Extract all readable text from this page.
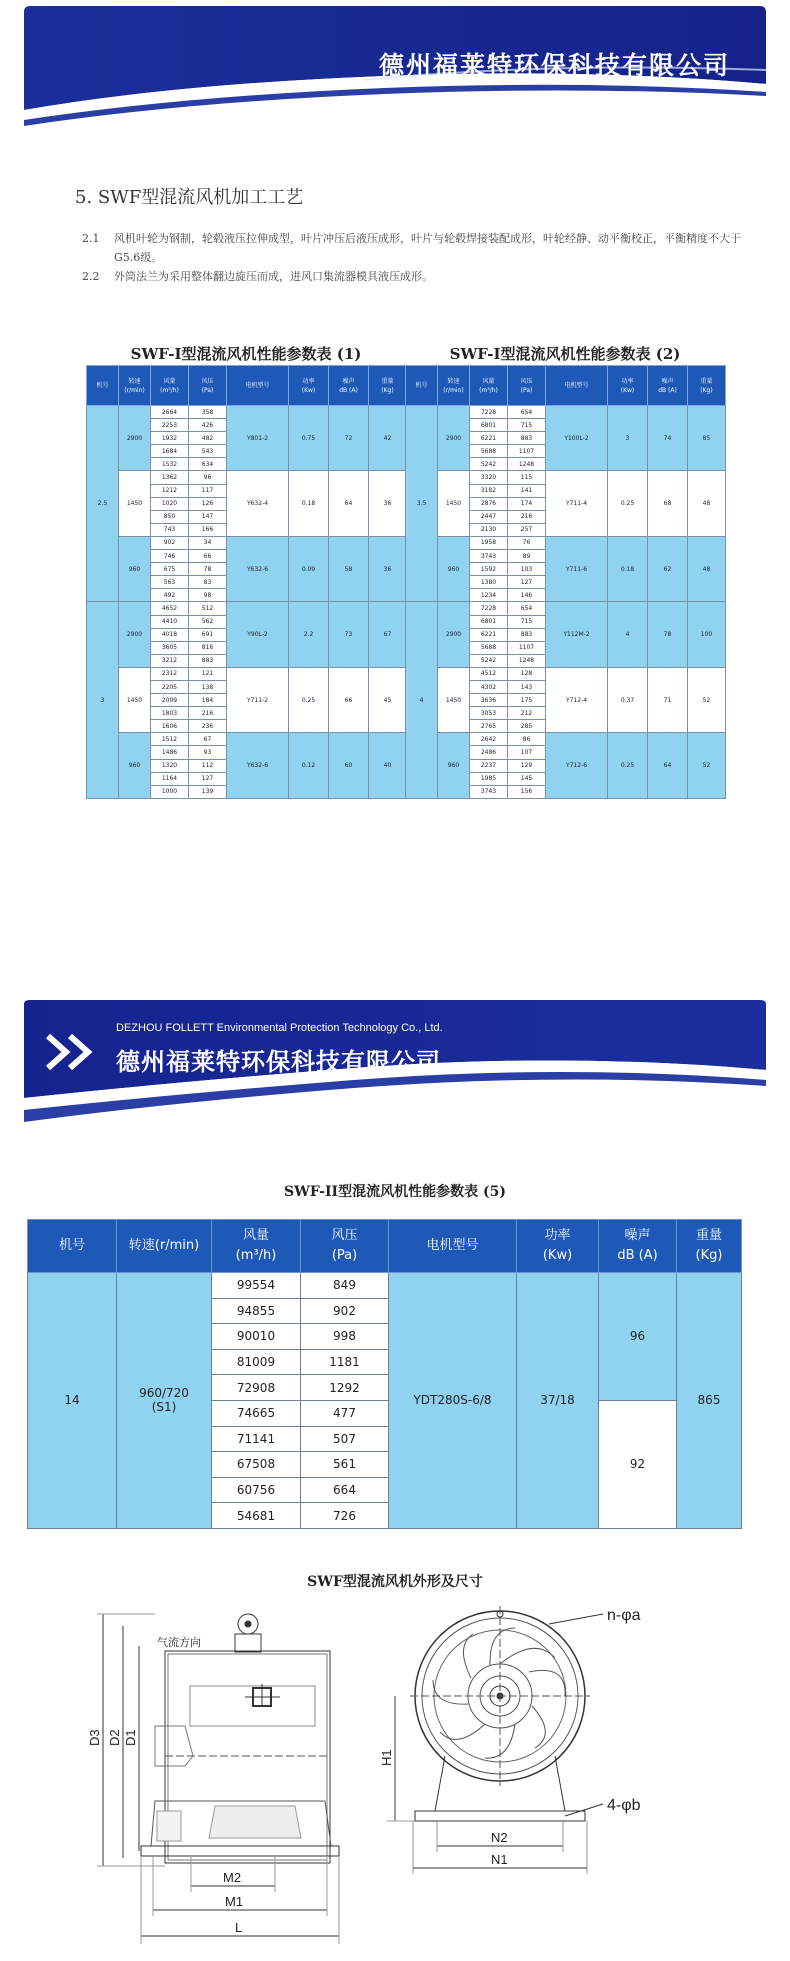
德州福莱特环保科技有限公司
5. SWF型混流风机加工工艺
2.1	风机叶轮为钢制，轮毂液压拉伸成型，叶片冲压后液压成形，叶片与轮毂焊接装配成形，叶轮经静、动平衡校正，平衡精度不大于G5.6级。
2.2	外筒法兰为采用整体翻边旋压而成，进风口集流器模具液压成形。
SWF-I型混流风机性能参数表 (1)
机号	转速
(r/min)	风量
(m³/h)	风压
(Pa)	电机型号	功率
(Kw)	噪声
dB (A)	重量
(Kg)
2.5	2900	2664	358	Y801-2	0.75	72	42
		2253	426				
		1932	482				
		1684	543				
		1532	634				
	1450	1362	96	Y632-4	0.18	64	36
		1212	117				
		1020	126				
		850	147				
		743	166				
	960	902	34	Y632-6	0.09	58	36
		746	66				
		675	78				
		563	83				
		492	98				
3	2900	4652	512	Y90L-2	2.2	73	67
		4410	562				
		4018	691				
		3605	816				
		3212	883				
	1450	2312	121	Y711-2	0.25	66	45
		2205	138				
		2009	184				
		1803	216				
		1606	236				
	960	1512	67	Y632-6	0.12	60	40
		1486	93				
		1320	112				
		1164	127				
		1000	139				
SWF-I型混流风机性能参数表 (2)
机号	转速
(r/min)	风量
(m³/h)	风压
(Pa)	电机型号	功率
(Kw)	噪声
dB (A)	重量
(Kg)
3.5	2900	7228	654	Y100L-2	3	74	85
		6801	715				
		6221	883				
		5688	1107				
		5242	1248				
	1450	3320	115	Y711-4	0.25	68	48
		3182	141				
		2876	174				
		2447	216				
		2130	257				
	960	1958	76	Y711-6	0.18	62	48
		3743	89				
		1592	103				
		1380	127				
		1234	146				
4	2900	7228	654	Y112M-2	4	78	100
		6801	715				
		6221	883				
		5688	1107				
		5242	1248				
	1450	4512	128	Y712-4	0.37	71	52
		4302	143				
		3636	175				
		3053	212				
		2765	285				
	960	2642	86	Y712-6	0.25	64	52
		2486	107				
		2237	129				
		1985	145				
		3743	156				
DEZHOU FOLLETT Environmental Protection Technology Co., Ltd.
德州福莱特环保科技有限公司
SWF-II型混流风机性能参数表 (5)
机号	转速(r/min)	风量
(m³/h)	风压
(Pa)	电机型号	功率
(Kw)	噪声
dB (A)	重量
(Kg)
14	960/720
(S1)	99554	849	YDT280S-6/8	37/18	96	865
		94855	902				
		90010	998				
		81009	1181				
		72908	1292				
		74665	477			92	
		71141	507				
		67508	561				
		60756	664				
		54681	726				
SWF型混流风机外形及尺寸
气流方向
D3 D2 D1
M2
M1
L
H1
N2
N1
n-φa
4-φb
